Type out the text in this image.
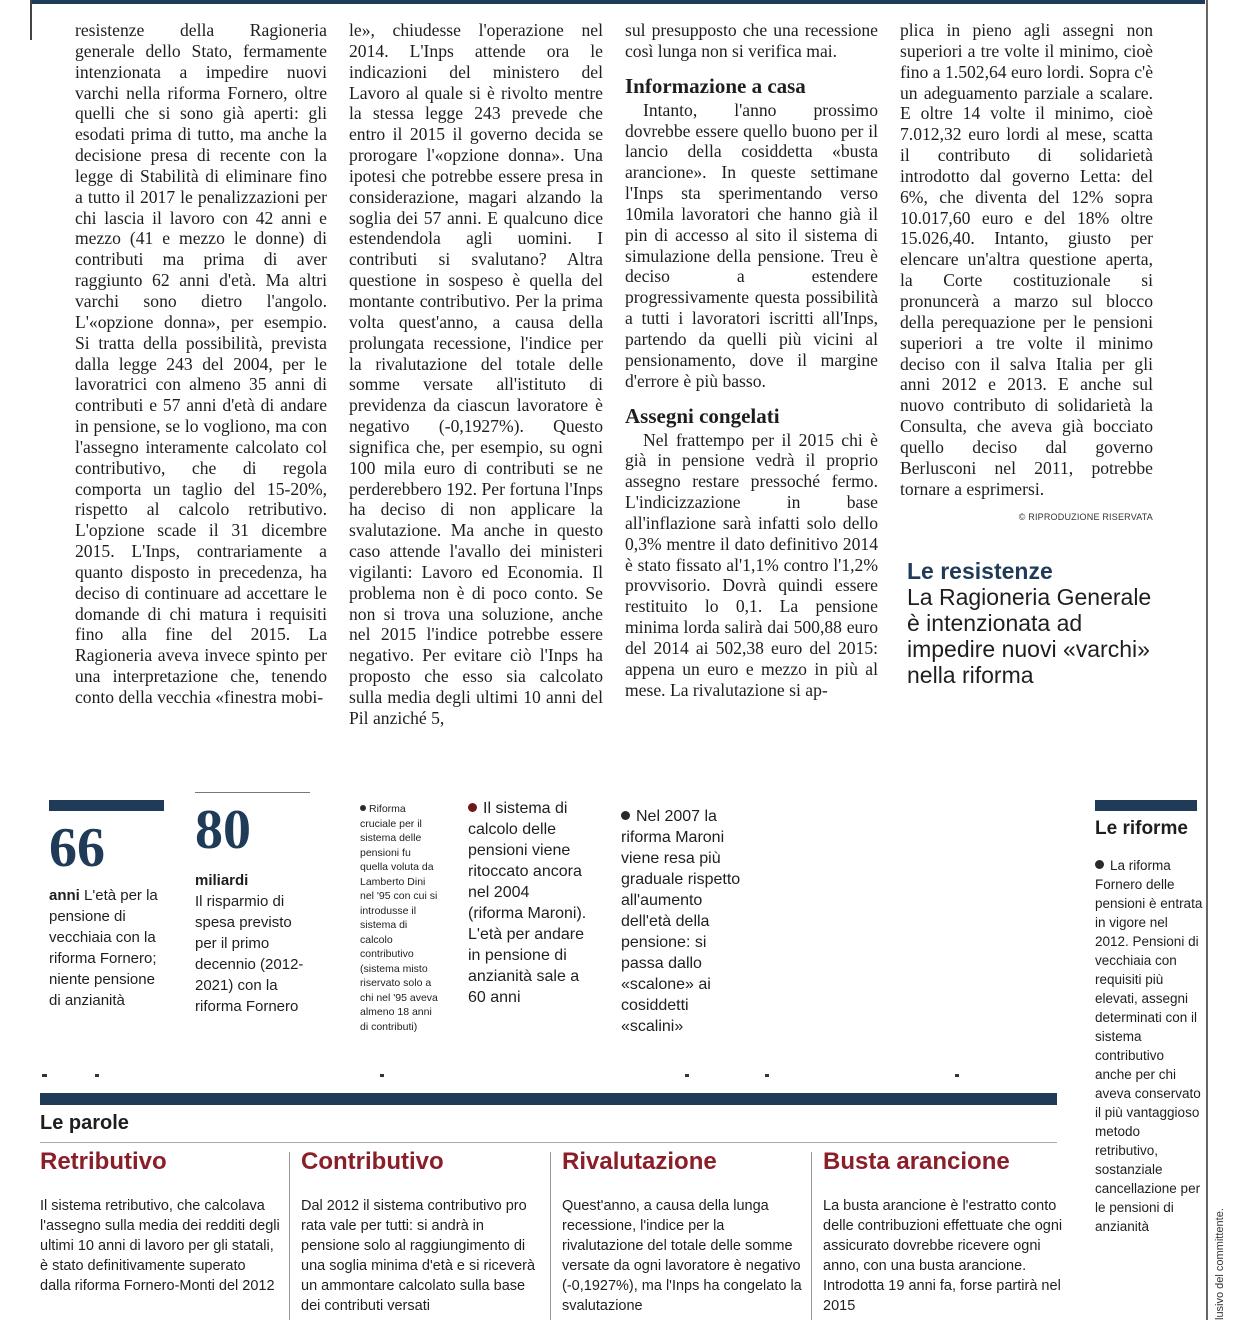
resistenze della Ragioneria generale dello Stato, fermamente intenzionata a impedire nuovi varchi nella riforma Fornero, oltre quelli che si sono già aperti: gli esodati prima di tutto, ma anche la decisione presa di recente con la legge di Stabilità di eliminare fino a tutto il 2017 le penalizzazioni per chi lascia il lavoro con 42 anni e mezzo (41 e mezzo le donne) di contributi ma prima di aver raggiunto 62 anni d'età. Ma altri varchi sono dietro l'angolo. L'«opzione donna», per esempio. Si tratta della possibilità, prevista dalla legge 243 del 2004, per le lavoratrici con almeno 35 anni di contributi e 57 anni d'età di andare in pensione, se lo vogliono, ma con l'assegno interamente calcolato col contributivo, che di regola comporta un taglio del 15-20%, rispetto al calcolo retributivo. L'opzione scade il 31 dicembre 2015. L'Inps, contrariamente a quanto disposto in precedenza, ha deciso di continuare ad accettare le domande di chi matura i requisiti fino alla fine del 2015. La Ragioneria aveva invece spinto per una interpretazione che, tenendo conto della vecchia «finestra mobi-

le», chiudesse l'operazione nel 2014. L'Inps attende ora le indicazioni del ministero del Lavoro al quale si è rivolto mentre la stessa legge 243 prevede che entro il 2015 il governo decida se prorogare l'«opzione donna». Una ipotesi che potrebbe essere presa in considerazione, magari alzando la soglia dei 57 anni. E qualcuno dice estendendola agli uomini. I contributi si svalutano? Altra questione in sospeso è quella del montante contributivo. Per la prima volta quest'anno, a causa della prolungata recessione, l'indice per la rivalutazione del totale delle somme versate all'istituto di previdenza da ciascun lavoratore è negativo (-0,1927%). Questo significa che, per esempio, su ogni 100 mila euro di contributi se ne perderebbero 192. Per fortuna l'Inps ha deciso di non applicare la svalutazione. Ma anche in questo caso attende l'avallo dei ministeri vigilanti: Lavoro ed Economia. Il problema non è di poco conto. Se non si trova una soluzione, anche nel 2015 l'indice potrebbe essere negativo. Per evitare ciò l'Inps ha proposto che esso sia calcolato sulla media degli ultimi 10 anni del Pil anziché 5,

sul presupposto che una recessione così lunga non si verifica mai.

Informazione a casa

Intanto, l'anno prossimo dovrebbe essere quello buono per il lancio della cosiddetta «busta arancione». In queste settimane l'Inps sta sperimentando verso 10mila lavoratori che hanno già il pin di accesso al sito il sistema di simulazione della pensione. Treu è deciso a estendere progressivamente questa possibilità a tutti i lavoratori iscritti all'Inps, partendo da quelli più vicini al pensionamento, dove il margine d'errore è più basso.

Assegni congelati

Nel frattempo per il 2015 chi è già in pensione vedrà il proprio assegno restare pressoché fermo. L'indicizzazione in base all'inflazione sarà infatti solo dello 0,3% mentre il dato definitivo 2014 è stato fissato al'1,1% contro l'1,2% provvisorio. Dovrà quindi essere restituito lo 0,1. La pensione minima lorda salirà dai 500,88 euro del 2014 ai 502,38 euro del 2015: appena un euro e mezzo in più al mese. La rivalutazione si ap-

plica in pieno agli assegni non superiori a tre volte il minimo, cioè fino a 1.502,64 euro lordi. Sopra c'è un adeguamento parziale a scalare. E oltre 14 volte il minimo, cioè 7.012,32 euro lordi al mese, scatta il contributo di solidarietà introdotto dal governo Letta: del 6%, che diventa del 12% sopra 10.017,60 euro e del 18% oltre 15.026,40. Intanto, giusto per elencare un'altra questione aperta, la Corte costituzionale si pronuncerà a marzo sul blocco della perequazione per le pensioni superiori a tre volte il minimo deciso con il salva Italia per gli anni 2012 e 2013. E anche sul nuovo contributo di solidarietà la Consulta, che aveva già bocciato quello deciso dal governo Berlusconi nel 2011, potrebbe tornare a esprimersi.

© RIPRODUZIONE RISERVATA
Le resistenze
La Ragioneria Generale è intenzionata ad impedire nuovi «varchi» nella riforma
66
anni L'età per la pensione di vecchiaia con la riforma Fornero; niente pensione di anzianità
80
miliardi
Il risparmio di spesa previsto per il primo decennio (2012-2021) con la riforma Fornero
Riforma cruciale per il sistema delle pensioni fu quella voluta da Lamberto Dini nel '95 con cui si introdusse il sistema di calcolo contributivo (sistema misto riservato solo a chi nel '95 aveva almeno 18 anni di contributi)
Il sistema di calcolo delle pensioni viene ritoccato ancora nel 2004 (riforma Maroni). L'età per andare in pensione di anzianità sale a 60 anni
Nel 2007 la riforma Maroni viene resa più graduale rispetto all'aumento dell'età della pensione: si passa dallo «scalone» ai cosiddetti «scalini»
Le riforme
La riforma Fornero delle pensioni è entrata in vigore nel 2012. Pensioni di vecchiaia con requisiti più elevati, assegni determinati con il sistema contributivo anche per chi aveva conservato il più vantaggioso metodo retributivo, sostanziale cancellazione per le pensioni di anzianità
Le parole
Retributivo
Il sistema retributivo, che calcolava l'assegno sulla media dei redditi degli ultimi 10 anni di lavoro per gli statali, è stato definitivamente superato dalla riforma Fornero-Monti del 2012
Contributivo
Dal 2012 il sistema contributivo pro rata vale per tutti: si andrà in pensione solo al raggiungimento di una soglia minima d'età e si riceverà un ammontare calcolato sulla base dei contributi versati
Rivalutazione
Quest'anno, a causa della lunga recessione, l'indice per la rivalutazione del totale delle somme versate da ogni lavoratore è negativo (-0,1927%), ma l'Inps ha congelato la svalutazione
Busta arancione
La busta arancione è l'estratto conto delle contribuzioni effettuate che ogni assicurato dovrebbe ricevere ogni anno, con una busta arancione. Introdotta 19 anni fa, forse partirà nel 2015	lusivo del committente.
